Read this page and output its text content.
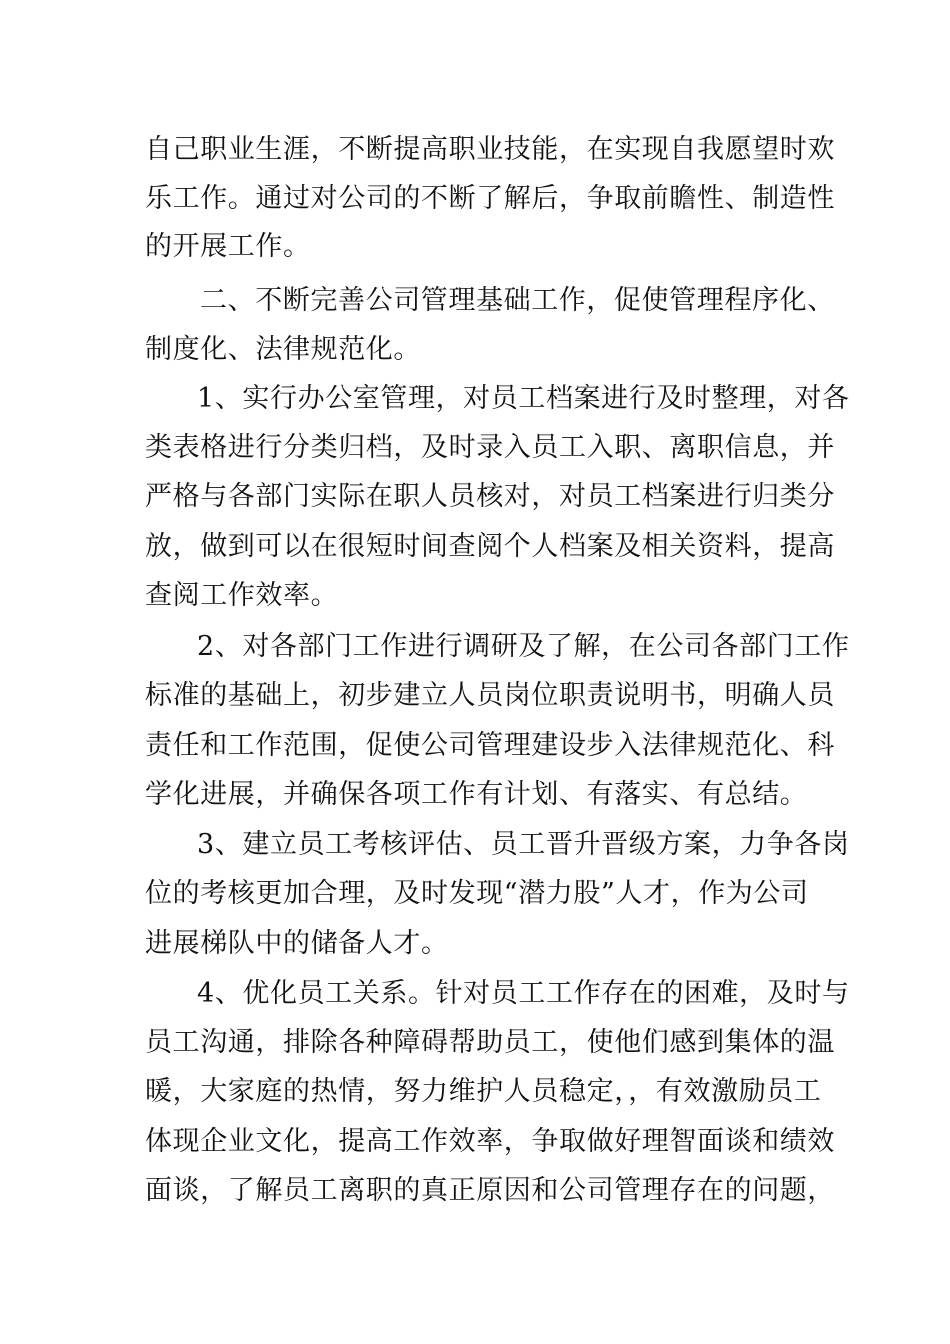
自己职业生涯，不断提高职业技能，在实现自我愿望时欢
乐工作。通过对公司的不断了解后，争取前瞻性、制造性
的开展工作。
二、不断完善公司管理基础工作，促使管理程序化、
制度化、法律规范化。
1、实行办公室管理，对员工档案进行及时整理，对各
类表格进行分类归档，及时录入员工入职、离职信息，并
严格与各部门实际在职人员核对，对员工档案进行归类分
放，做到可以在很短时间查阅个人档案及相关资料，提高
查阅工作效率。
2、对各部门工作进行调研及了解，在公司各部门工作
标准的基础上，初步建立人员岗位职责说明书，明确人员
责任和工作范围，促使公司管理建设步入法律规范化、科
学化进展，并确保各项工作有计划、有落实、有总结。
3、建立员工考核评估、员工晋升晋级方案，力争各岗
位的考核更加合理，及时发现“潜力股”人才，作为公司
进展梯队中的储备人才。
4、优化员工关系。针对员工工作存在的困难，及时与
员工沟通，排除各种障碍帮助员工，使他们感到集体的温
暖，大家庭的热情，努力维护人员稳定，，有效激励员工
体现企业文化，提高工作效率，争取做好理智面谈和绩效
面谈，了解员工离职的真正原因和公司管理存在的问题，
